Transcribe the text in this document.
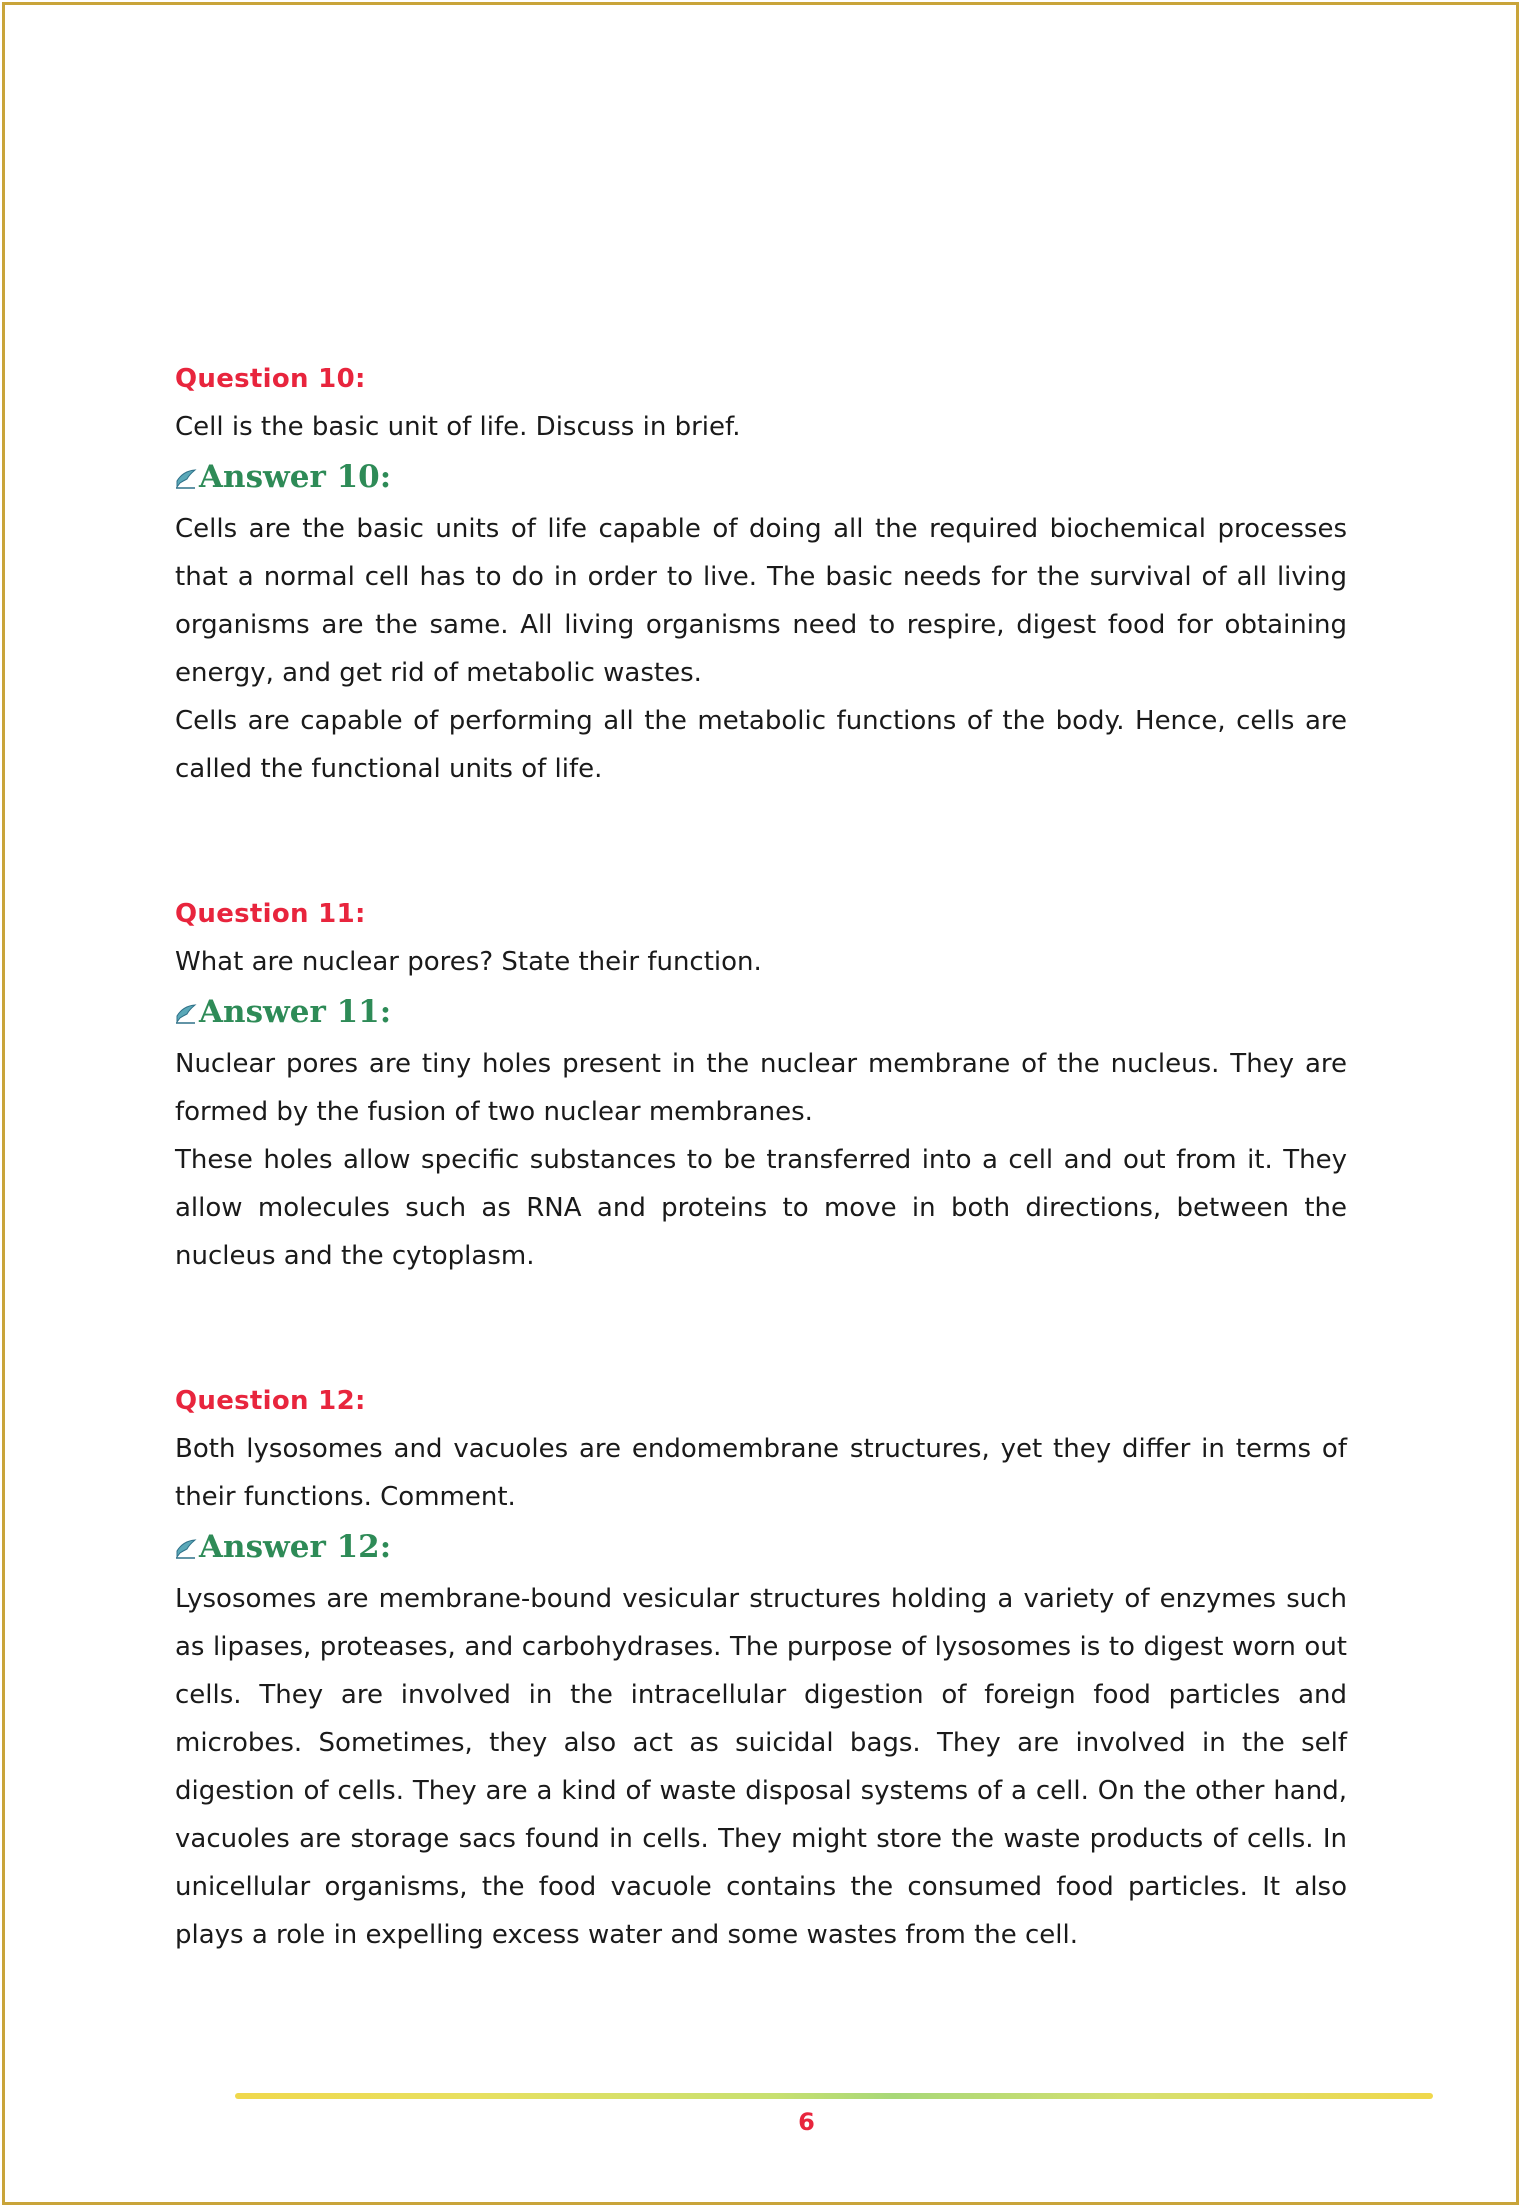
Question 10:

Cell is the basic unit of life. Discuss in brief.

Answer 10:

Cells are the basic units of life capable of doing all the required biochemical processes that a normal cell has to do in order to live. The basic needs for the survival of all living organisms are the same. All living organisms need to respire, digest food for obtaining energy, and get rid of metabolic wastes.

Cells are capable of performing all the metabolic functions of the body. Hence, cells are called the functional units of life.

Question 11:

What are nuclear pores? State their function.

Answer 11:

Nuclear pores are tiny holes present in the nuclear membrane of the nucleus. They are formed by the fusion of two nuclear membranes.

These holes allow specific substances to be transferred into a cell and out from it. They allow molecules such as RNA and proteins to move in both directions, between the nucleus and the cytoplasm.

Question 12:

Both lysosomes and vacuoles are endomembrane structures, yet they differ in terms of their functions. Comment.

Answer 12:

Lysosomes are membrane-bound vesicular structures holding a variety of enzymes such as lipases, proteases, and carbohydrases. The purpose of lysosomes is to digest worn out cells. They are involved in the intracellular digestion of foreign food particles and microbes. Sometimes, they also act as suicidal bags. They are involved in the self digestion of cells. They are a kind of waste disposal systems of a cell. On the other hand, vacuoles are storage sacs found in cells. They might store the waste products of cells. In unicellular organisms, the food vacuole contains the consumed food particles. It also plays a role in expelling excess water and some wastes from the cell.

6
